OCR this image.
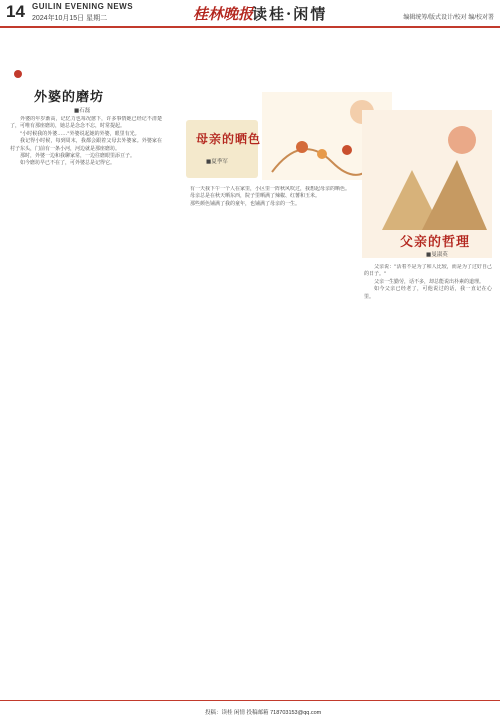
14 GUILIN EVENING NEWS
2024年10月15日 星期二	桂林晚报
读桂·闲情	编辑统筹/版式设计/校对 编/校对署
外婆的磨坊
■石磊

外婆的年岁渐高，记忆力也每况愈下，许多事情她已经记不清楚了，可唯有那座磨坊，她总是念念不忘，时常提起。

"小时候我的外婆……"外婆说起她的外婆，眼里有光。

我记得小时候，每到周末，我都会跟着父母去外婆家。外婆家在村子东头，门前有一条小河，河边就是那座磨坊。

那时，外婆一边和我聊家常，一边往磨眼里添豆子。

如今磨坊早已不在了，可外婆总是记得它。

母亲的晒色
■夏季军

有一天我下午一个人在家里，小区里一阵秋风吹过，我想起母亲的晒色。

母亲总是在秋天晒东西，院子里晒满了辣椒、红薯和玉米。

那些颜色铺满了我的童年，也铺满了母亲的一生。

父亲的哲理
■曼淑英

父亲说："活着不是为了和人比较，而是为了过好自己的日子。"

父亲一生勤劳，话不多，却总能说出朴素的道理。

如今父亲已经老了，可他说过的话，我一直记在心里。

投稿：读桂 闲情 投稿邮箱 718703153@qq.com
